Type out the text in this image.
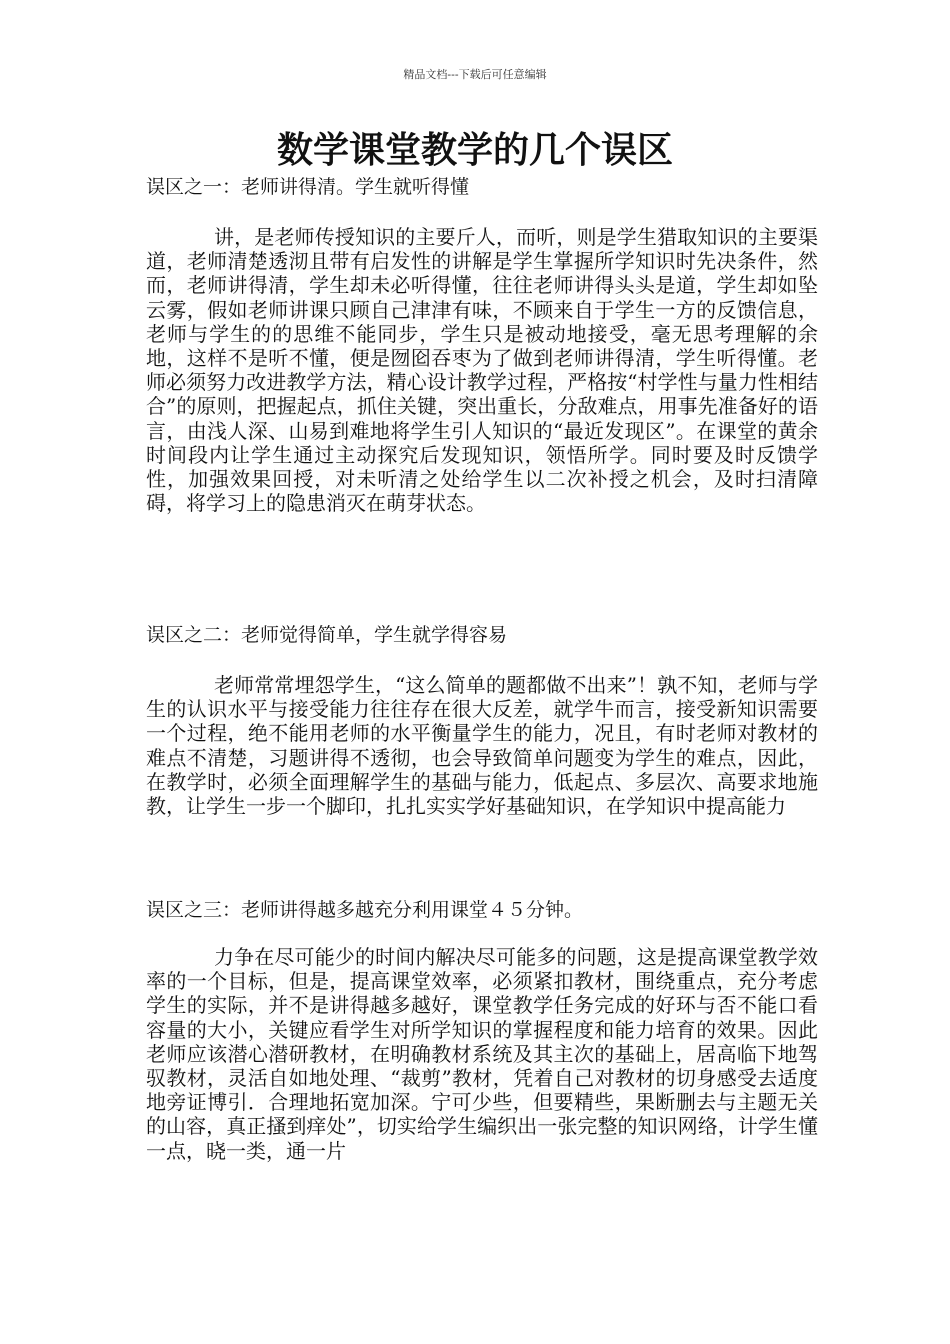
精品文档---下载后可任意编辑
数学课堂教学的几个误区

误区之一：老师讲得清。学生就听得懂

讲，是老师传授知识的主要斤人，而听，则是学生猎取知识的主要渠道，老师清楚透沏且带有启发性的讲解是学生掌握所学知识时先决条件，然而，老师讲得清，学生却未必听得懂，往往老师讲得头头是道，学生却如坠云雾，假如老师讲课只顾自己津津有味，不顾来自于学生一方的反馈信息，老师与学生的的思维不能同步，学生只是被动地接受，毫无思考理解的余地，这样不是听不懂，便是囫囵吞枣为了做到老师讲得清，学生听得懂。老师必须努力改进教学方法，精心设计教学过程，严格按“村学性与量力性相结合”的原则，把握起点，抓住关键，突出重长，分敌难点，用事先准备好的语言，由浅人深、山易到难地将学生引人知识的“最近发现区”。在课堂的黄余时间段内让学生通过主动探究后发现知识，领悟所学。同时要及时反馈学性，加强效果回授，对未听清之处给学生以二次补授之机会，及时扫清障碍，将学习上的隐患消灭在萌芽状态。

误区之二：老师觉得简单，学生就学得容易

老师常常埋怨学生，“这么简单的题都做不出来”！孰不知，老师与学生的认识水平与接受能力往往存在很大反差，就学牛而言，接受新知识需要一个过程，绝不能用老师的水平衡量学生的能力，况且，有时老师对教材的难点不清楚，习题讲得不透彻，也会导致简单问题变为学生的难点，因此，在教学时，必须全面理解学生的基础与能力，低起点、多层次、高要求地施教，让学生一步一个脚印，扎扎实实学好基础知识，在学知识中提高能力

误区之三：老师讲得越多越充分利用课堂４５分钟。

力争在尽可能少的时间内解决尽可能多的问题，这是提高课堂教学效率的一个目标，但是，提高课堂效率，必须紧扣教材，围绕重点，充分考虑学生的实际，并不是讲得越多越好，课堂教学任务完成的好环与否不能口看容量的大小，关键应看学生对所学知识的掌握程度和能力培育的效果。因此老师应该潜心潜研教材，在明确教材系统及其主次的基础上，居高临下地驾驭教材，灵活自如地处理、“裁剪”教材，凭着自己对教材的切身感受去适度地旁证博引．合理地拓宽加深。宁可少些，但要精些，果断删去与主题无关的山容，真正搔到痒处”，切实给学生编织出一张完整的知识网络，计学生懂一点，晓一类，通一片
